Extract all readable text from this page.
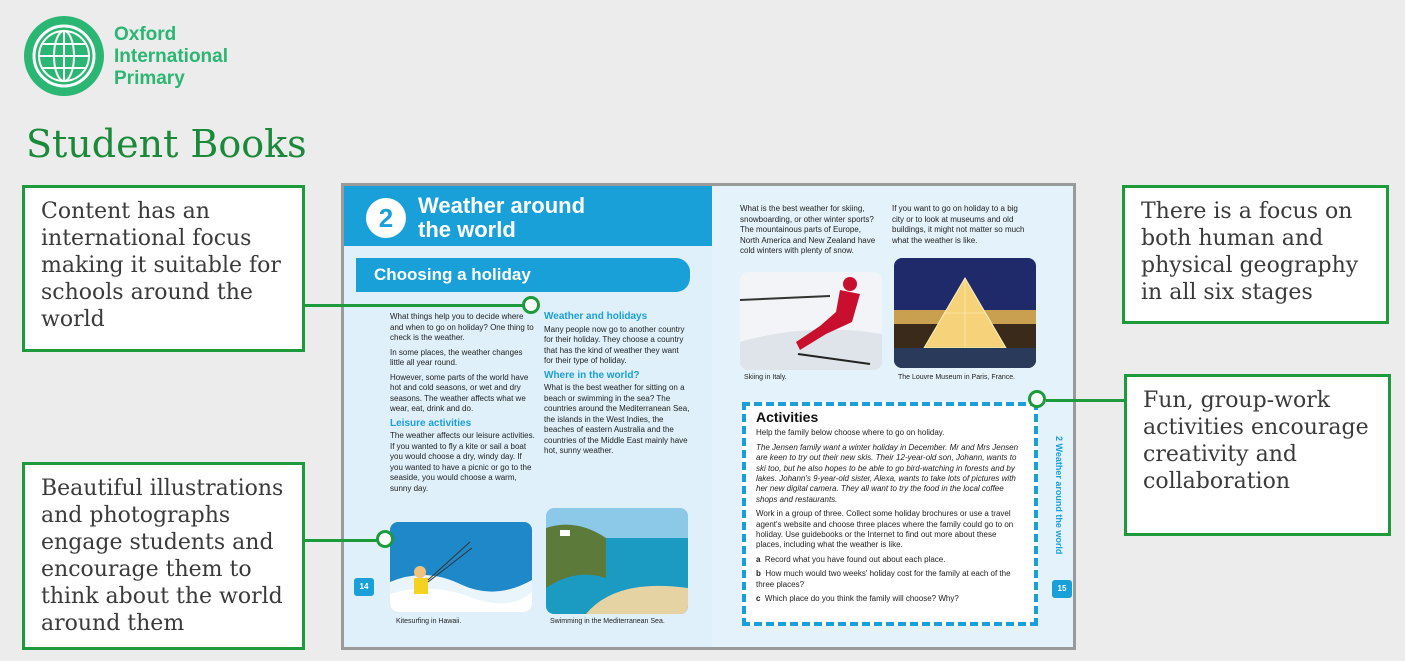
Oxford
International
Primary
Student Books
Content has an international focus making it suitable for schools around the world
Beautiful illustrations and photographs engage students and encourage them to think about the world around them
There is a focus on both human and physical geography in all six stages
Fun, group-work activities encourage creativity and collaboration
2	Weather around
the world
Choosing a holiday

What things help you to decide where and when to go on holiday? One thing to check is the weather.

In some places, the weather changes little all year round.

However, some parts of the world have hot and cold seasons, or wet and dry seasons. The weather affects what we wear, eat, drink and do.

Leisure activities

The weather affects our leisure activities. If you wanted to fly a kite or sail a boat you would choose a dry, windy day. If you wanted to have a picnic or go to the seaside, you would choose a warm, sunny day.

Weather and holidays

Many people now go to another country for their holiday. They choose a country that has the kind of weather they want for their type of holiday.

Where in the world?

What is the best weather for sitting on a beach or swimming in the sea? The countries around the Mediterranean Sea, the islands in the West Indies, the beaches of eastern Australia and the countries of the Middle East mainly have hot, sunny weather.

Kitesurfing in Hawaii.	Swimming in the Mediterranean Sea.
14
What is the best weather for skiing, snowboarding, or other winter sports? The mountainous parts of Europe, North America and New Zealand have cold winters with plenty of snow.
If you want to go on holiday to a big city or to look at museums and old buildings, it might not matter so much what the weather is like.
Skiing in Italy.	The Louvre Museum in Paris, France.
Activities

Help the family below choose where to go on holiday.

The Jensen family want a winter holiday in December. Mr and Mrs Jensen are keen to try out their new skis. Their 12-year-old son, Johann, wants to ski too, but he also hopes to be able to go bird-watching in forests and by lakes. Johann's 9-year-old sister, Alexa, wants to take lots of pictures with her new digital camera. They all want to try the food in the local coffee shops and restaurants.

Work in a group of three. Collect some holiday brochures or use a travel agent's website and choose three places where the family could go to on holiday. Use guidebooks or the Internet to find out more about these places, including what the weather is like.

a Record what you have found out about each place.

b How much would two weeks' holiday cost for the family at each of the three places?

c Which place do you think the family will choose? Why?

2 Weather around the world
15
